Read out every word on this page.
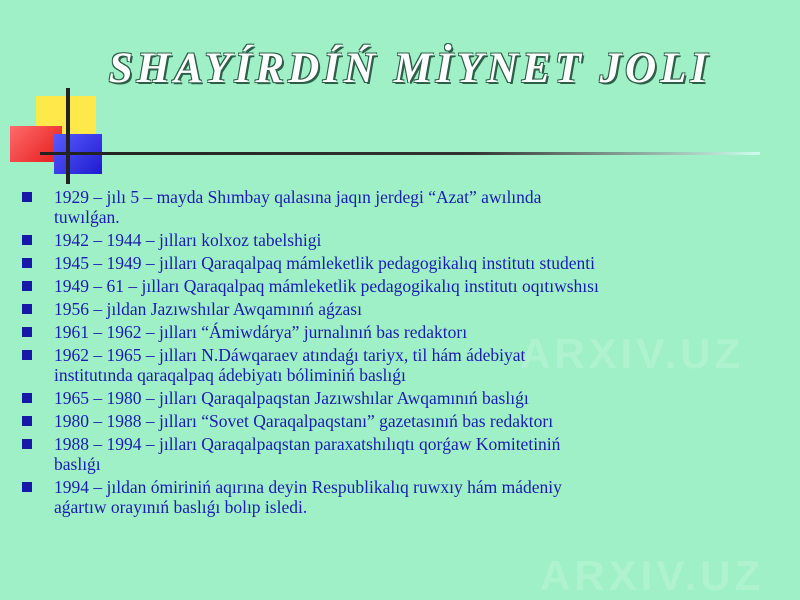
SHAYÍRDÍŃ MİYNET JOLI
1929 – jılı 5 – mayda Shımbay qalasına jaqın jerdegi “Azat” awılında
tuwılǵan.
1942 – 1944 – jılları kolxoz tabelshigi
1945 – 1949 – jılları Qaraqalpaq mámleketlik pedagogikalıq institutı studenti
1949 – 61 – jılları Qaraqalpaq mámleketlik pedagogikalıq institutı oqıtıwshısı
1956 – jıldan Jazıwshılar Awqamınıń aǵzası
1961 – 1962 – jılları “Ámiwdárya” jurnalınıń bas redaktorı
1962 – 1965 – jılları N.Dáwqaraev atındaǵı tariyx, til hám ádebiyat
institutında qaraqalpaq ádebiyatı bóliminiń baslıǵı
1965 – 1980 – jılları Qaraqalpaqstan Jazıwshılar Awqamınıń baslıǵı
1980 – 1988 – jılları “Sovet Qaraqalpaqstanı” gazetasınıń bas redaktorı
1988 – 1994 – jılları Qaraqalpaqstan paraxatshılıqtı qorǵaw Komitetiniń
baslıǵı
1994 – jıldan ómiriniń aqırına deyin Respublikalıq ruwxıy hám mádeniy
aǵartıw orayınıń baslıǵı bolıp isledi.
ARXIV.UZ
ARXIV.UZ
